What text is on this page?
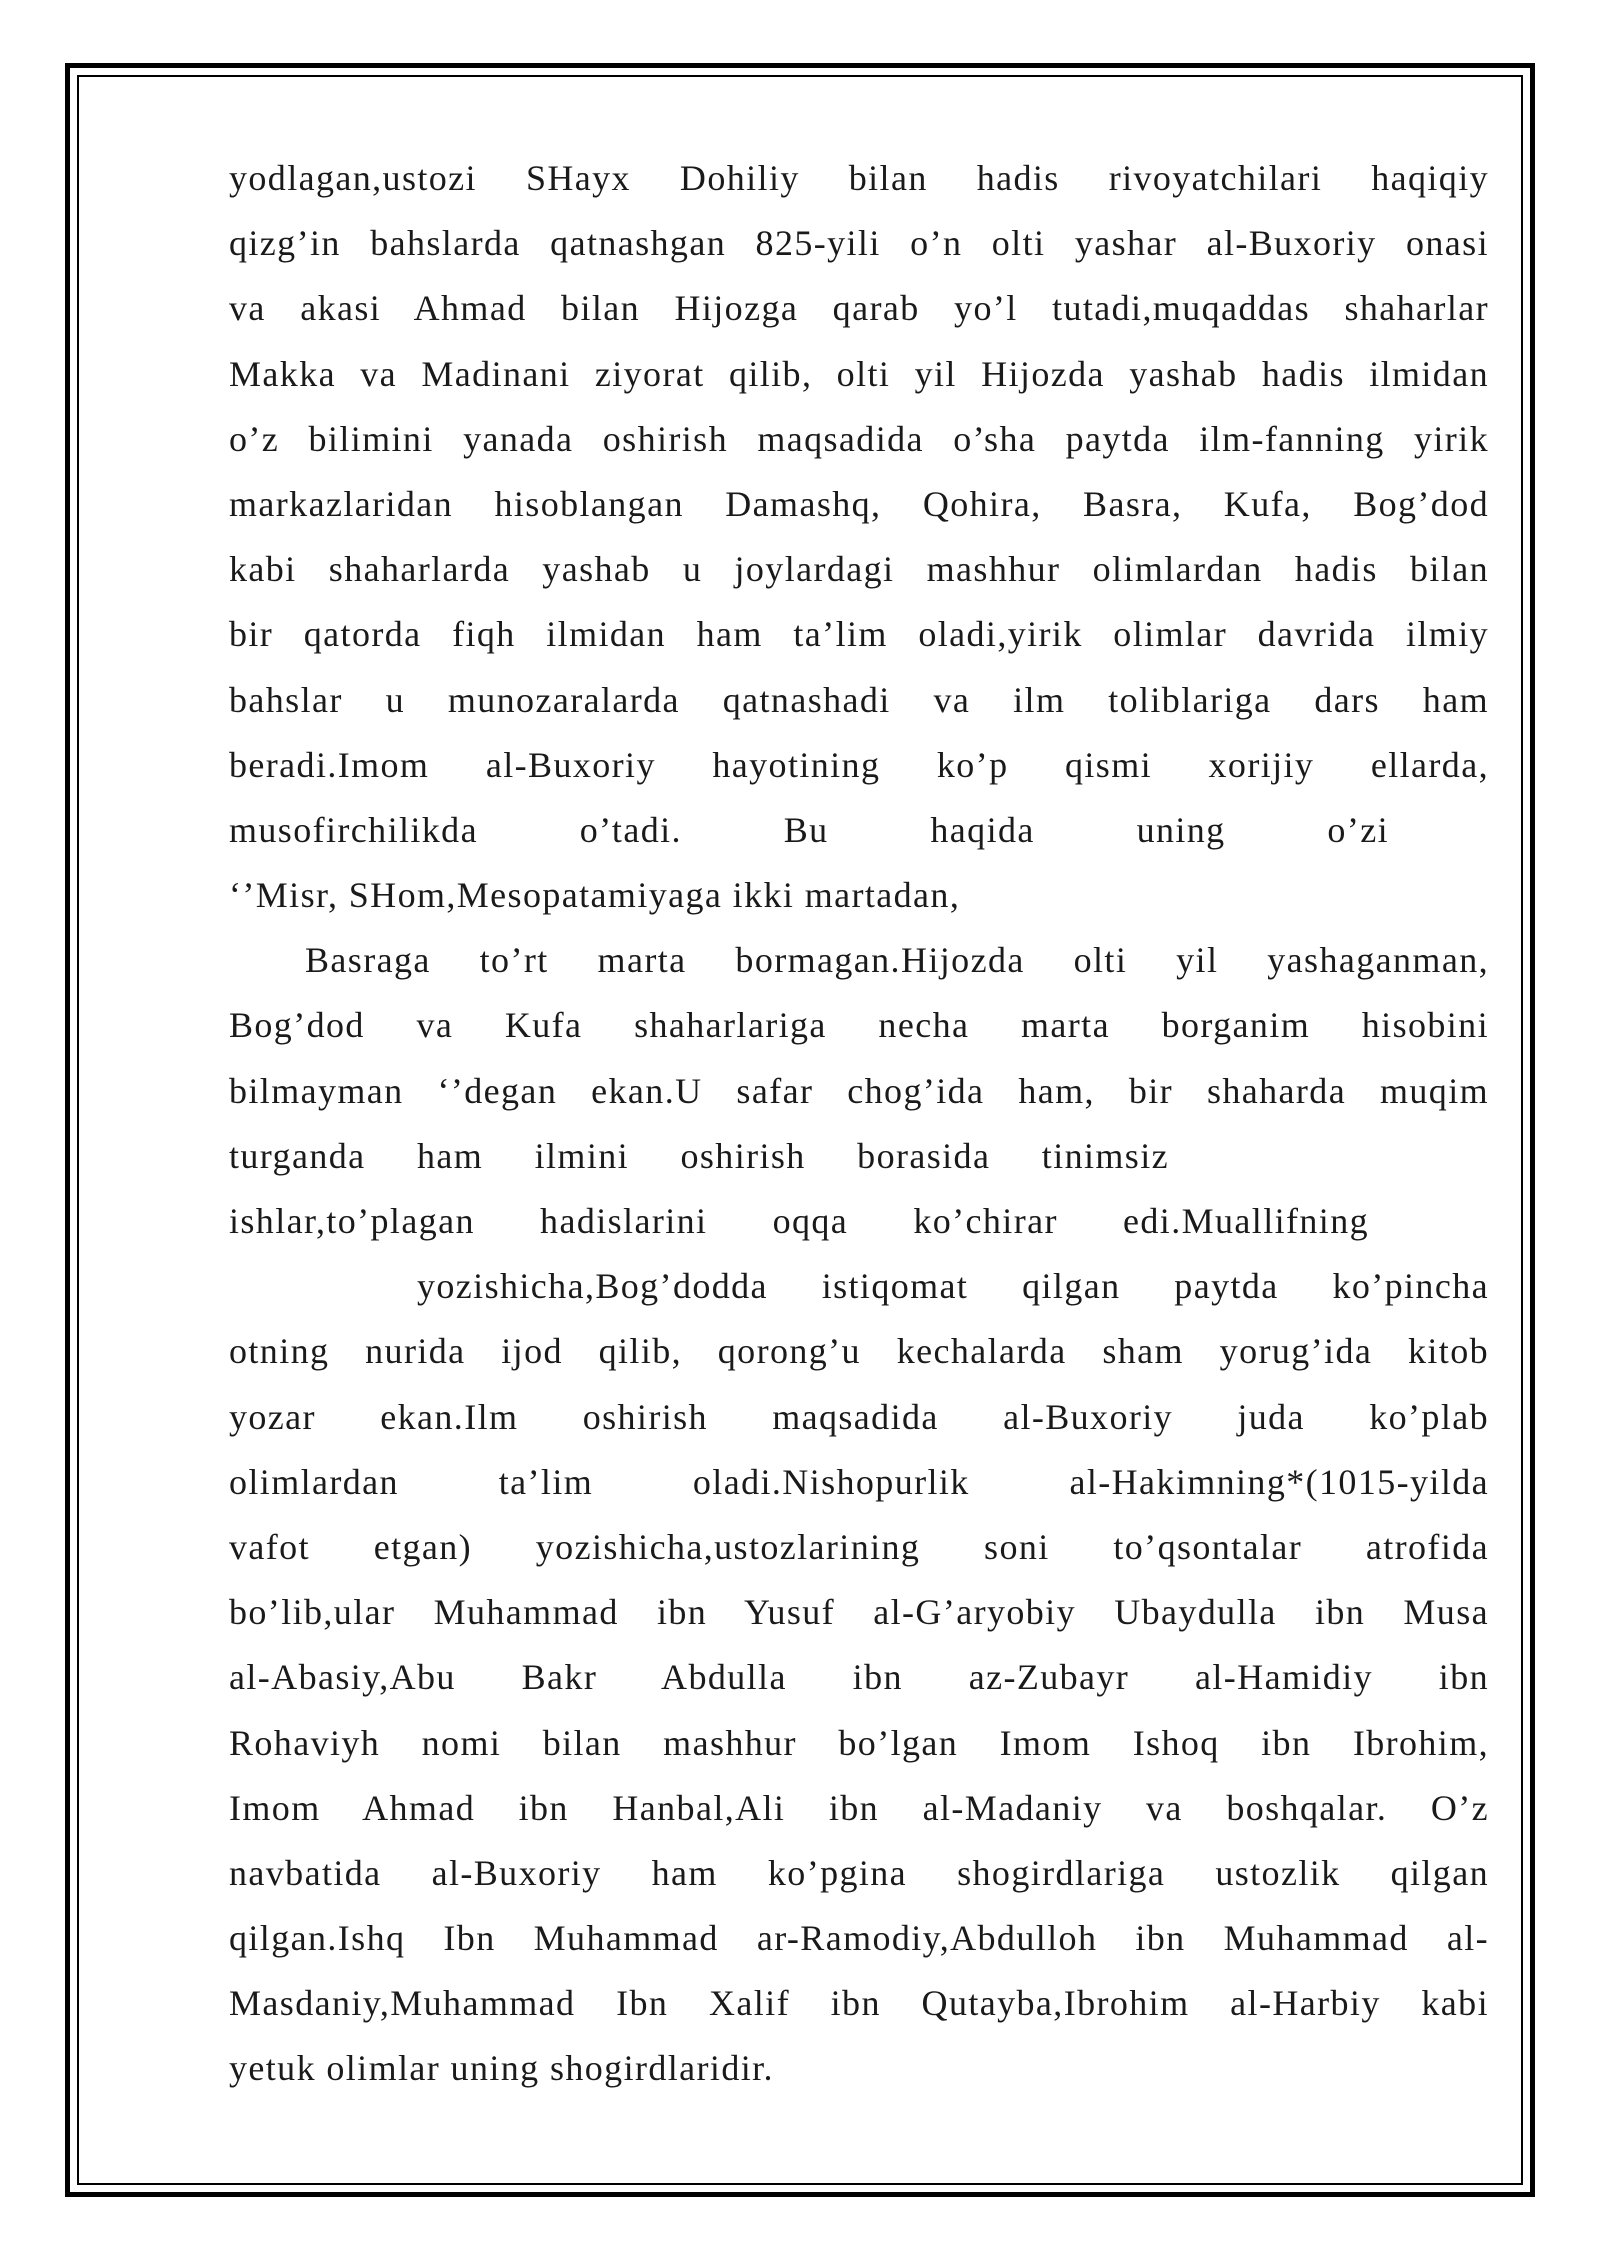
yodlagan,ustozi SHayx Dohiliy bilan hadis rivoyatchilari haqiqiy
qizg’in bahslarda qatnashgan 825-yili o’n olti yashar al-Buxoriy onasi
va akasi Ahmad bilan Hijozga qarab yo’l tutadi,muqaddas shaharlar
Makka va Madinani ziyorat qilib, olti yil Hijozda yashab hadis ilmidan
o’z bilimini yanada oshirish maqsadida o’sha paytda ilm-fanning yirik
markazlaridan hisoblangan Damashq, Qohira, Basra, Kufa, Bog’dod
kabi shaharlarda yashab u joylardagi mashhur olimlardan hadis bilan
bir qatorda fiqh ilmidan ham ta’lim oladi,yirik olimlar davrida ilmiy
bahslar u munozaralarda qatnashadi va ilm toliblariga dars ham
beradi.Imom al-Buxoriy hayotining ko’p qismi xorijiy ellarda,
musofirchilikda o’tadi. Bu haqida uning o’zi
‘’Misr, SHom,Mesopatamiyaga ikki martadan,
Basraga to’rt marta bormagan.Hijozda olti yil yashaganman,
Bog’dod va Kufa shaharlariga necha marta borganim hisobini
bilmayman ‘’degan ekan.U safar chog’ida ham, bir shaharda muqim
turganda ham ilmini oshirish borasida tinimsiz
ishlar,to’plagan hadislarini oqqa ko’chirar edi.Muallifning
yozishicha,Bog’dodda istiqomat qilgan paytda ko’pincha
otning nurida ijod qilib, qorong’u kechalarda sham yorug’ida kitob
yozar ekan.Ilm oshirish maqsadida al-Buxoriy juda ko’plab
olimlardan ta’lim oladi.Nishopurlik al-Hakimning*(1015-yilda
vafot etgan) yozishicha,ustozlarining soni to’qsontalar atrofida
bo’lib,ular Muhammad ibn Yusuf al-G’aryobiy Ubaydulla ibn Musa
al-Abasiy,Abu Bakr Abdulla ibn az-Zubayr al-Hamidiy ibn
Rohaviyh nomi bilan mashhur bo’lgan Imom Ishoq ibn Ibrohim,
Imom Ahmad ibn Hanbal,Ali ibn al-Madaniy va boshqalar. O’z
navbatida al-Buxoriy ham ko’pgina shogirdlariga ustozlik qilgan
qilgan.Ishq Ibn Muhammad ar-Ramodiy,Abdulloh ibn Muhammad al-
Masdaniy,Muhammad Ibn Xalif ibn Qutayba,Ibrohim al-Harbiy kabi
yetuk olimlar uning shogirdlaridir.
